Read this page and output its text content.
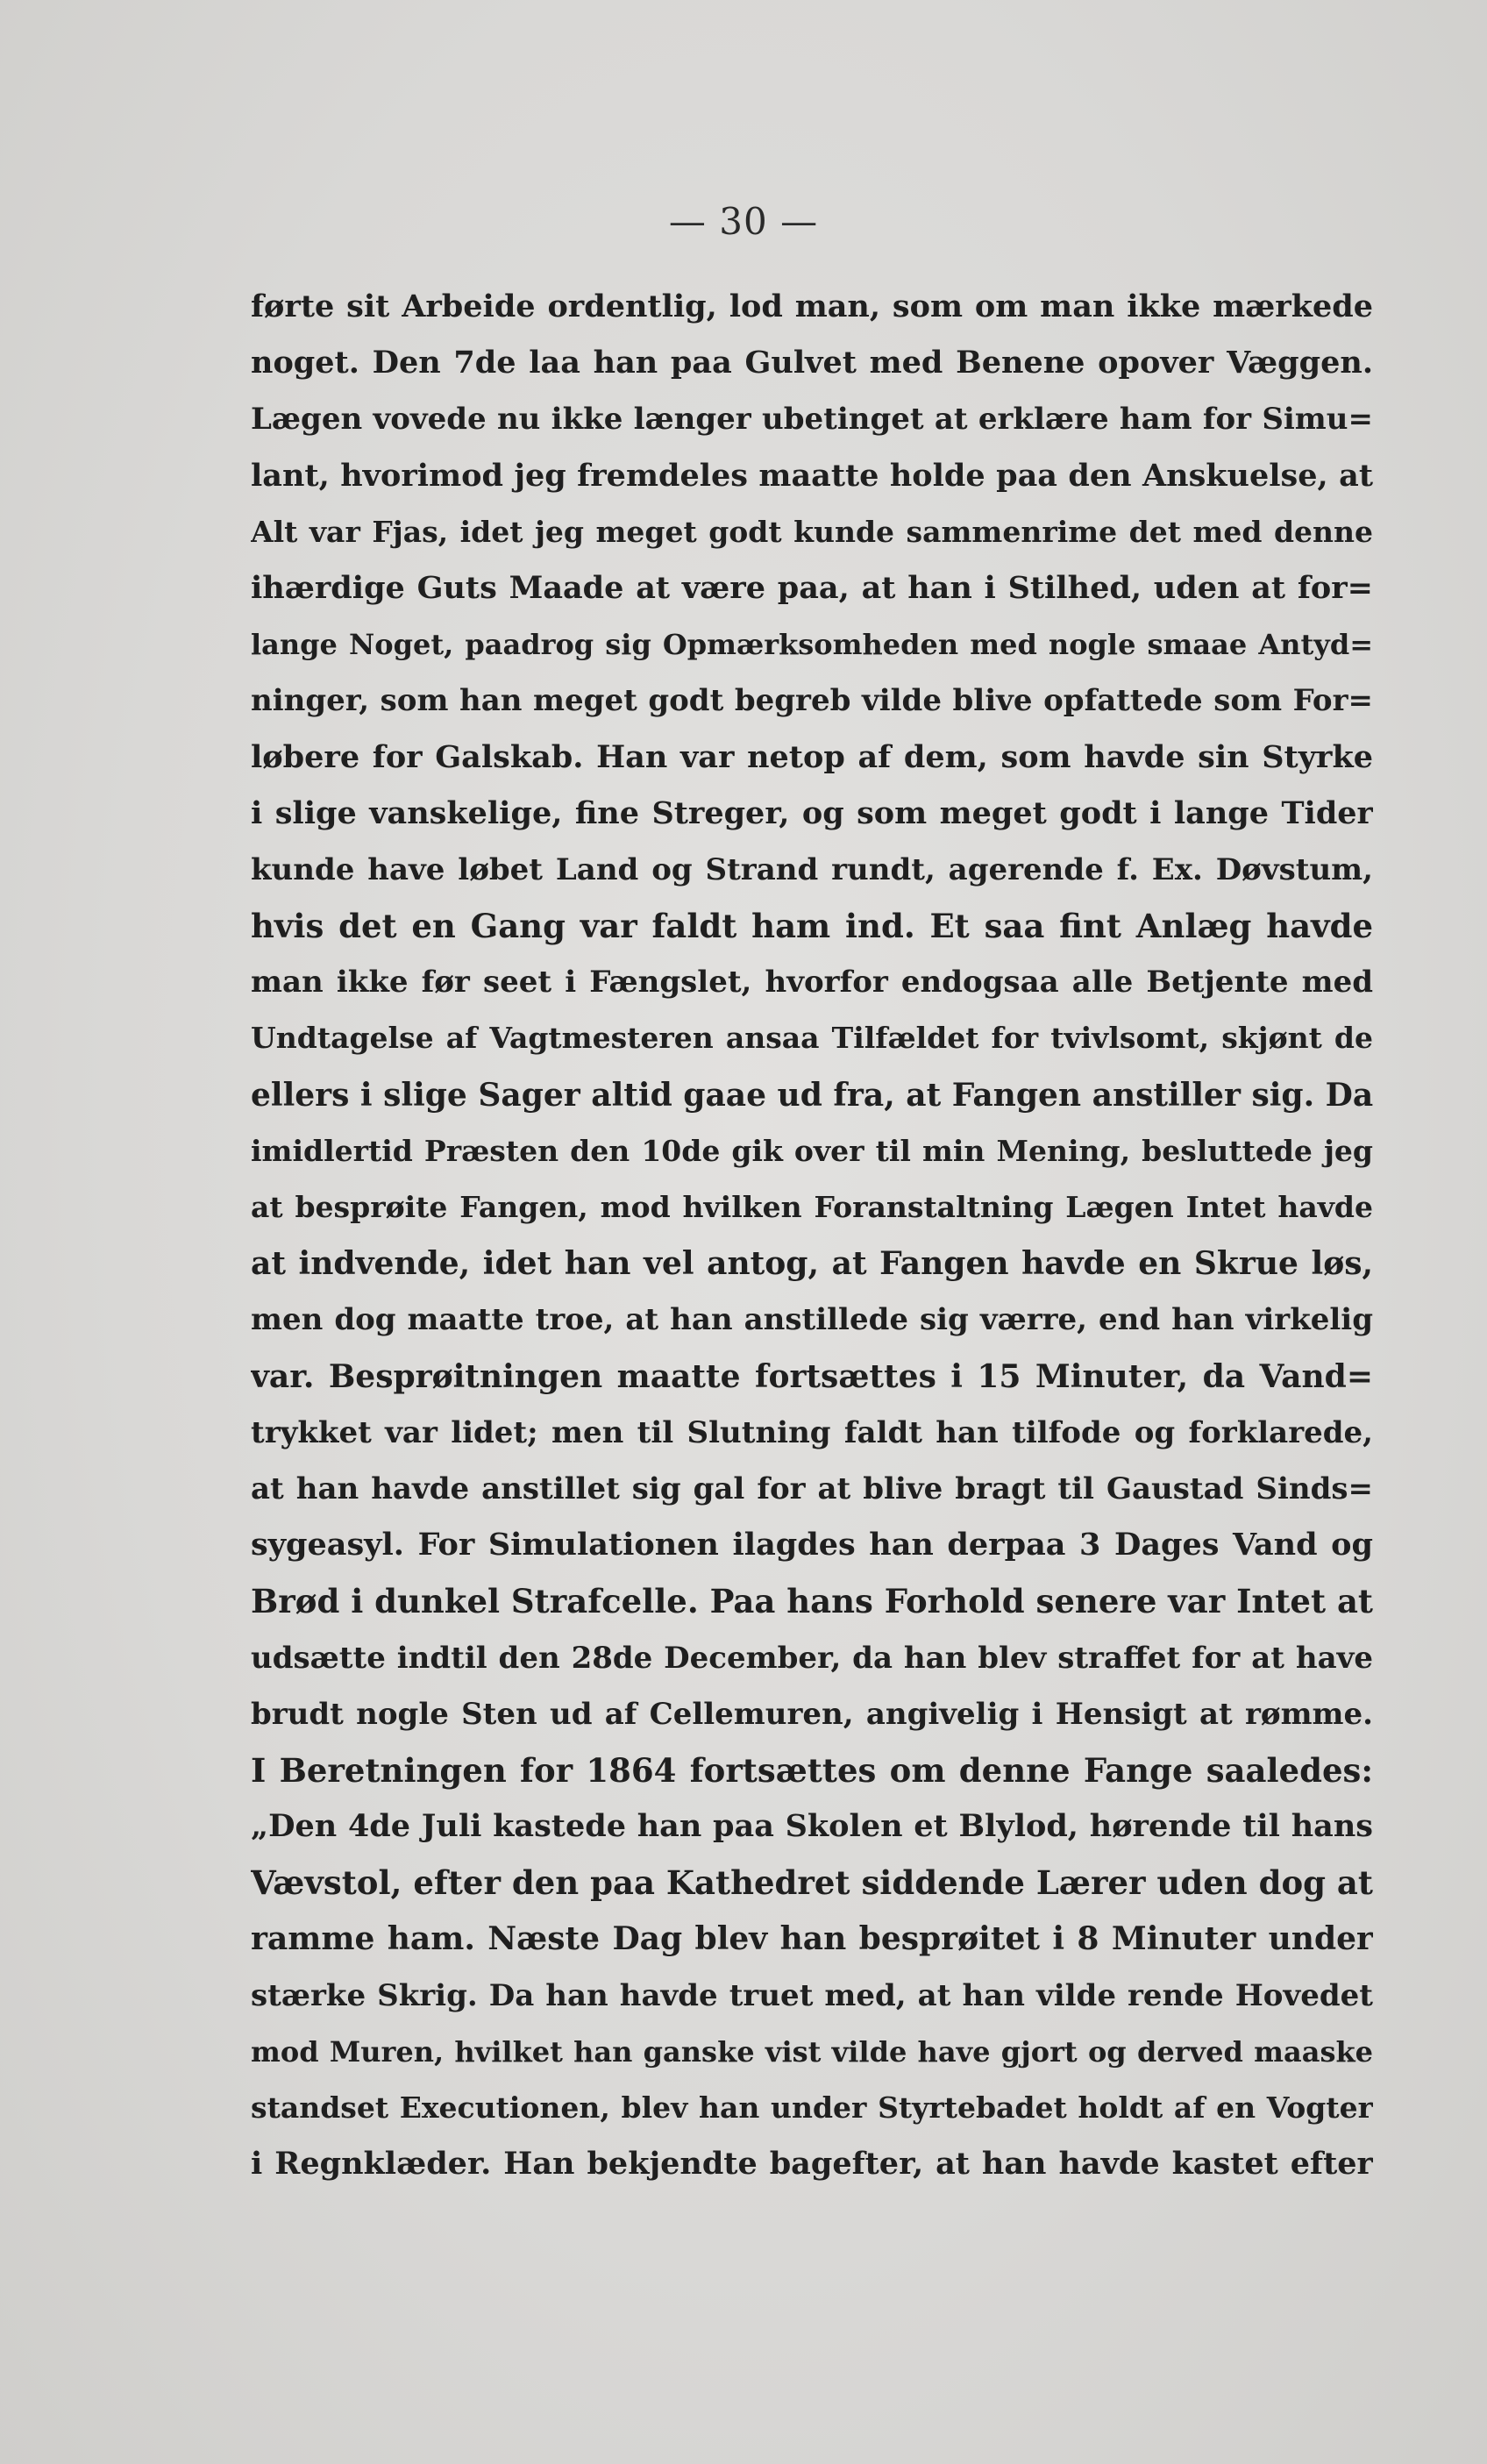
— 30 —
førte sit Arbeide ordentlig, lod man, som om man ikke mærkede
noget. Den 7de laa han paa Gulvet med Benene opover Væggen.
Lægen vovede nu ikke længer ubetinget at erklære ham for Simu=
lant, hvorimod jeg fremdeles maatte holde paa den Anskuelse, at
Alt var Fjas, idet jeg meget godt kunde sammenrime det med denne
ihærdige Guts Maade at være paa, at han i Stilhed, uden at for=
lange Noget, paadrog sig Opmærksomheden med nogle smaae Antyd=
ninger, som han meget godt begreb vilde blive opfattede som For=
løbere for Galskab. Han var netop af dem, som havde sin Styrke
i slige vanskelige, fine Streger, og som meget godt i lange Tider
kunde have løbet Land og Strand rundt, agerende f. Ex. Døvstum,
hvis det en Gang var faldt ham ind. Et saa fint Anlæg havde
man ikke før seet i Fængslet, hvorfor endogsaa alle Betjente med
Undtagelse af Vagtmesteren ansaa Tilfældet for tvivlsomt, skjønt de
ellers i slige Sager altid gaae ud fra, at Fangen anstiller sig. Da
imidlertid Præsten den 10de gik over til min Mening, besluttede jeg
at besprøite Fangen, mod hvilken Foranstaltning Lægen Intet havde
at indvende, idet han vel antog, at Fangen havde en Skrue løs,
men dog maatte troe, at han anstillede sig værre, end han virkelig
var. Besprøitningen maatte fortsættes i 15 Minuter, da Vand=
trykket var lidet; men til Slutning faldt han tilfode og forklarede,
at han havde anstillet sig gal for at blive bragt til Gaustad Sinds=
sygeasyl. For Simulationen ilagdes han derpaa 3 Dages Vand og
Brød i dunkel Strafcelle. Paa hans Forhold senere var Intet at
udsætte indtil den 28de December, da han blev straffet for at have
brudt nogle Sten ud af Cellemuren, angivelig i Hensigt at rømme.
I Beretningen for 1864 fortsættes om denne Fange saaledes:
„Den 4de Juli kastede han paa Skolen et Blylod, hørende til hans
Vævstol, efter den paa Kathedret siddende Lærer uden dog at
ramme ham. Næste Dag blev han besprøitet i 8 Minuter under
stærke Skrig. Da han havde truet med, at han vilde rende Hovedet
mod Muren, hvilket han ganske vist vilde have gjort og derved maaske
standset Executionen, blev han under Styrtebadet holdt af en Vogter
i Regnklæder. Han bekjendte bagefter, at han havde kastet efter
